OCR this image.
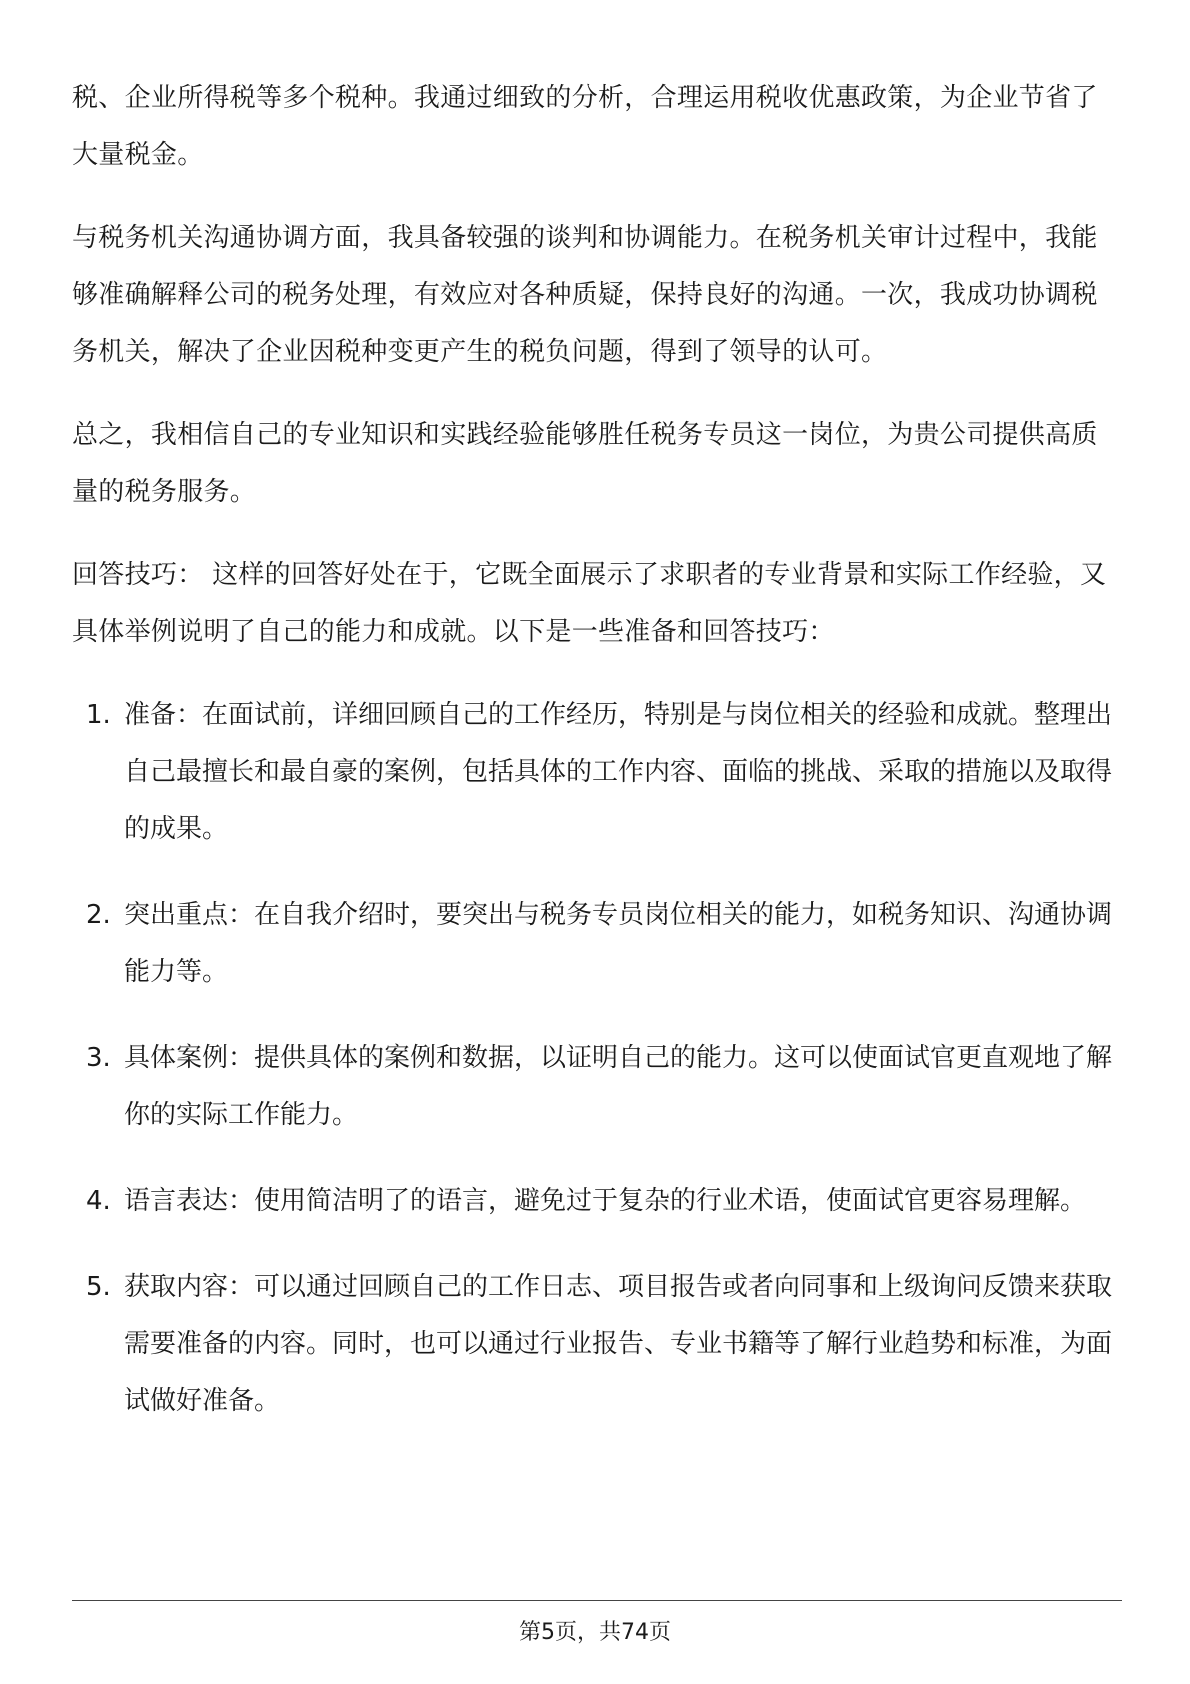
税、企业所得税等多个税种。我通过细致的分析，合理运用税收优惠政策，为企业节省了大量税金。

与税务机关沟通协调方面，我具备较强的谈判和协调能力。在税务机关审计过程中，我能够准确解释公司的税务处理，有效应对各种质疑，保持良好的沟通。一次，我成功协调税务机关，解决了企业因税种变更产生的税负问题，得到了领导的认可。

总之，我相信自己的专业知识和实践经验能够胜任税务专员这一岗位，为贵公司提供高质量的税务服务。

回答技巧： 这样的回答好处在于，它既全面展示了求职者的专业背景和实际工作经验，又具体举例说明了自己的能力和成就。以下是一些准备和回答技巧：

1. 准备：在面试前，详细回顾自己的工作经历，特别是与岗位相关的经验和成就。整理出自己最擅长和最自豪的案例，包括具体的工作内容、面临的挑战、采取的措施以及取得的成果。
2. 突出重点：在自我介绍时，要突出与税务专员岗位相关的能力，如税务知识、沟通协调能力等。
3. 具体案例：提供具体的案例和数据，以证明自己的能力。这可以使面试官更直观地了解你的实际工作能力。
4. 语言表达：使用简洁明了的语言，避免过于复杂的行业术语，使面试官更容易理解。
5. 获取内容：可以通过回顾自己的工作日志、项目报告或者向同事和上级询问反馈来获取需要准备的内容。同时，也可以通过行业报告、专业书籍等了解行业趋势和标准，为面试做好准备。
第5页，共74页
